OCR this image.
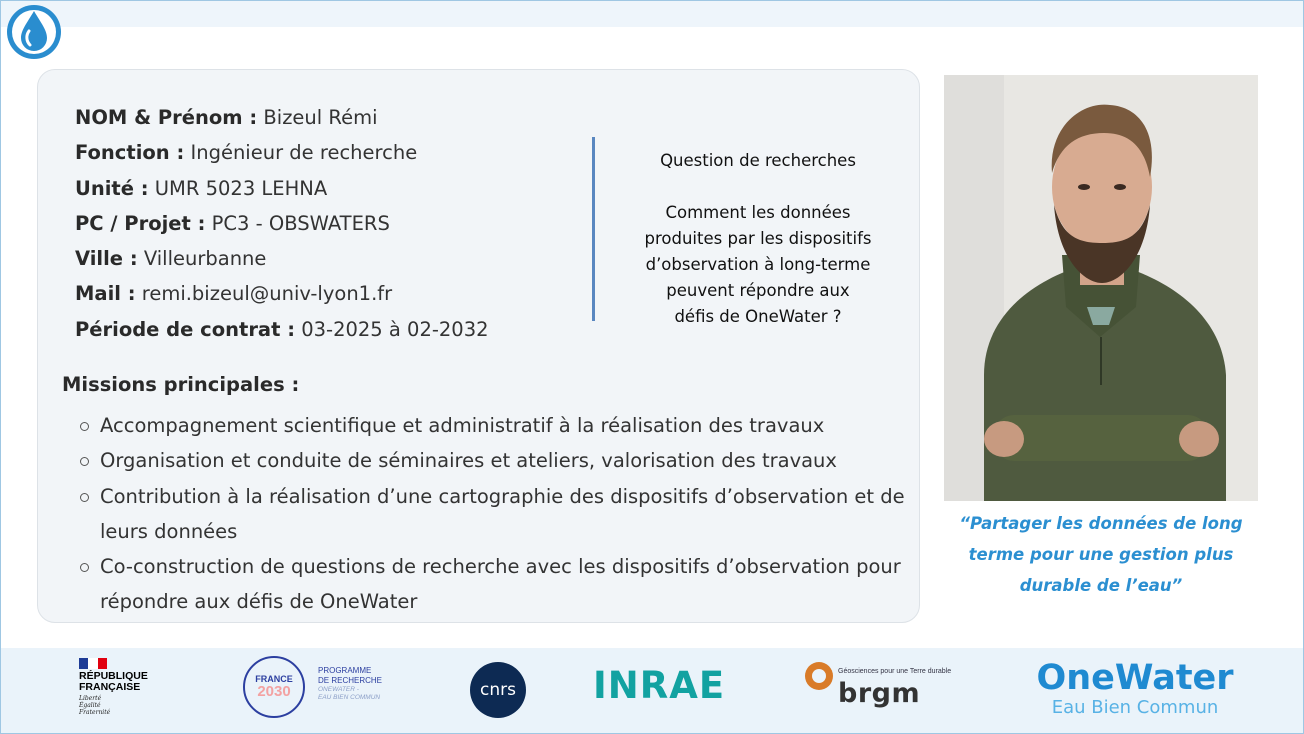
NOM & Prénom : Bizeul Rémi
Fonction : Ingénieur de recherche
Unité : UMR 5023 LEHNA
PC / Projet : PC3 - OBSWATERS
Ville : Villeurbanne
Mail : remi.bizeul@univ-lyon1.fr
Période de contrat : 03-2025 à 02-2032
Question de recherches
Comment les données
produites par les dispositifs
d’observation à long-terme
peuvent répondre aux
défis de OneWater ?
Missions principales :
Accompagnement scientifique et administratif à la réalisation des travaux
Organisation et conduite de séminaires et ateliers, valorisation des travaux
Contribution à la réalisation d’une cartographie des dispositifs d’observation et de leurs données
Co-construction de questions de recherche avec les dispositifs d’observation pour répondre aux défis de OneWater
“Partager les données de long
terme pour une gestion plus
durable de l’eau”
RÉPUBLIQUE
FRANÇAISE
Liberté
Égalité
Fraternité
FRANCE
2030
PROGRAMME
DE RECHERCHE
ONEWATER -
EAU BIEN COMMUN	cnrs INRAE	Géosciences pour une Terre durable
brgm	OneWater
Eau Bien Commun
